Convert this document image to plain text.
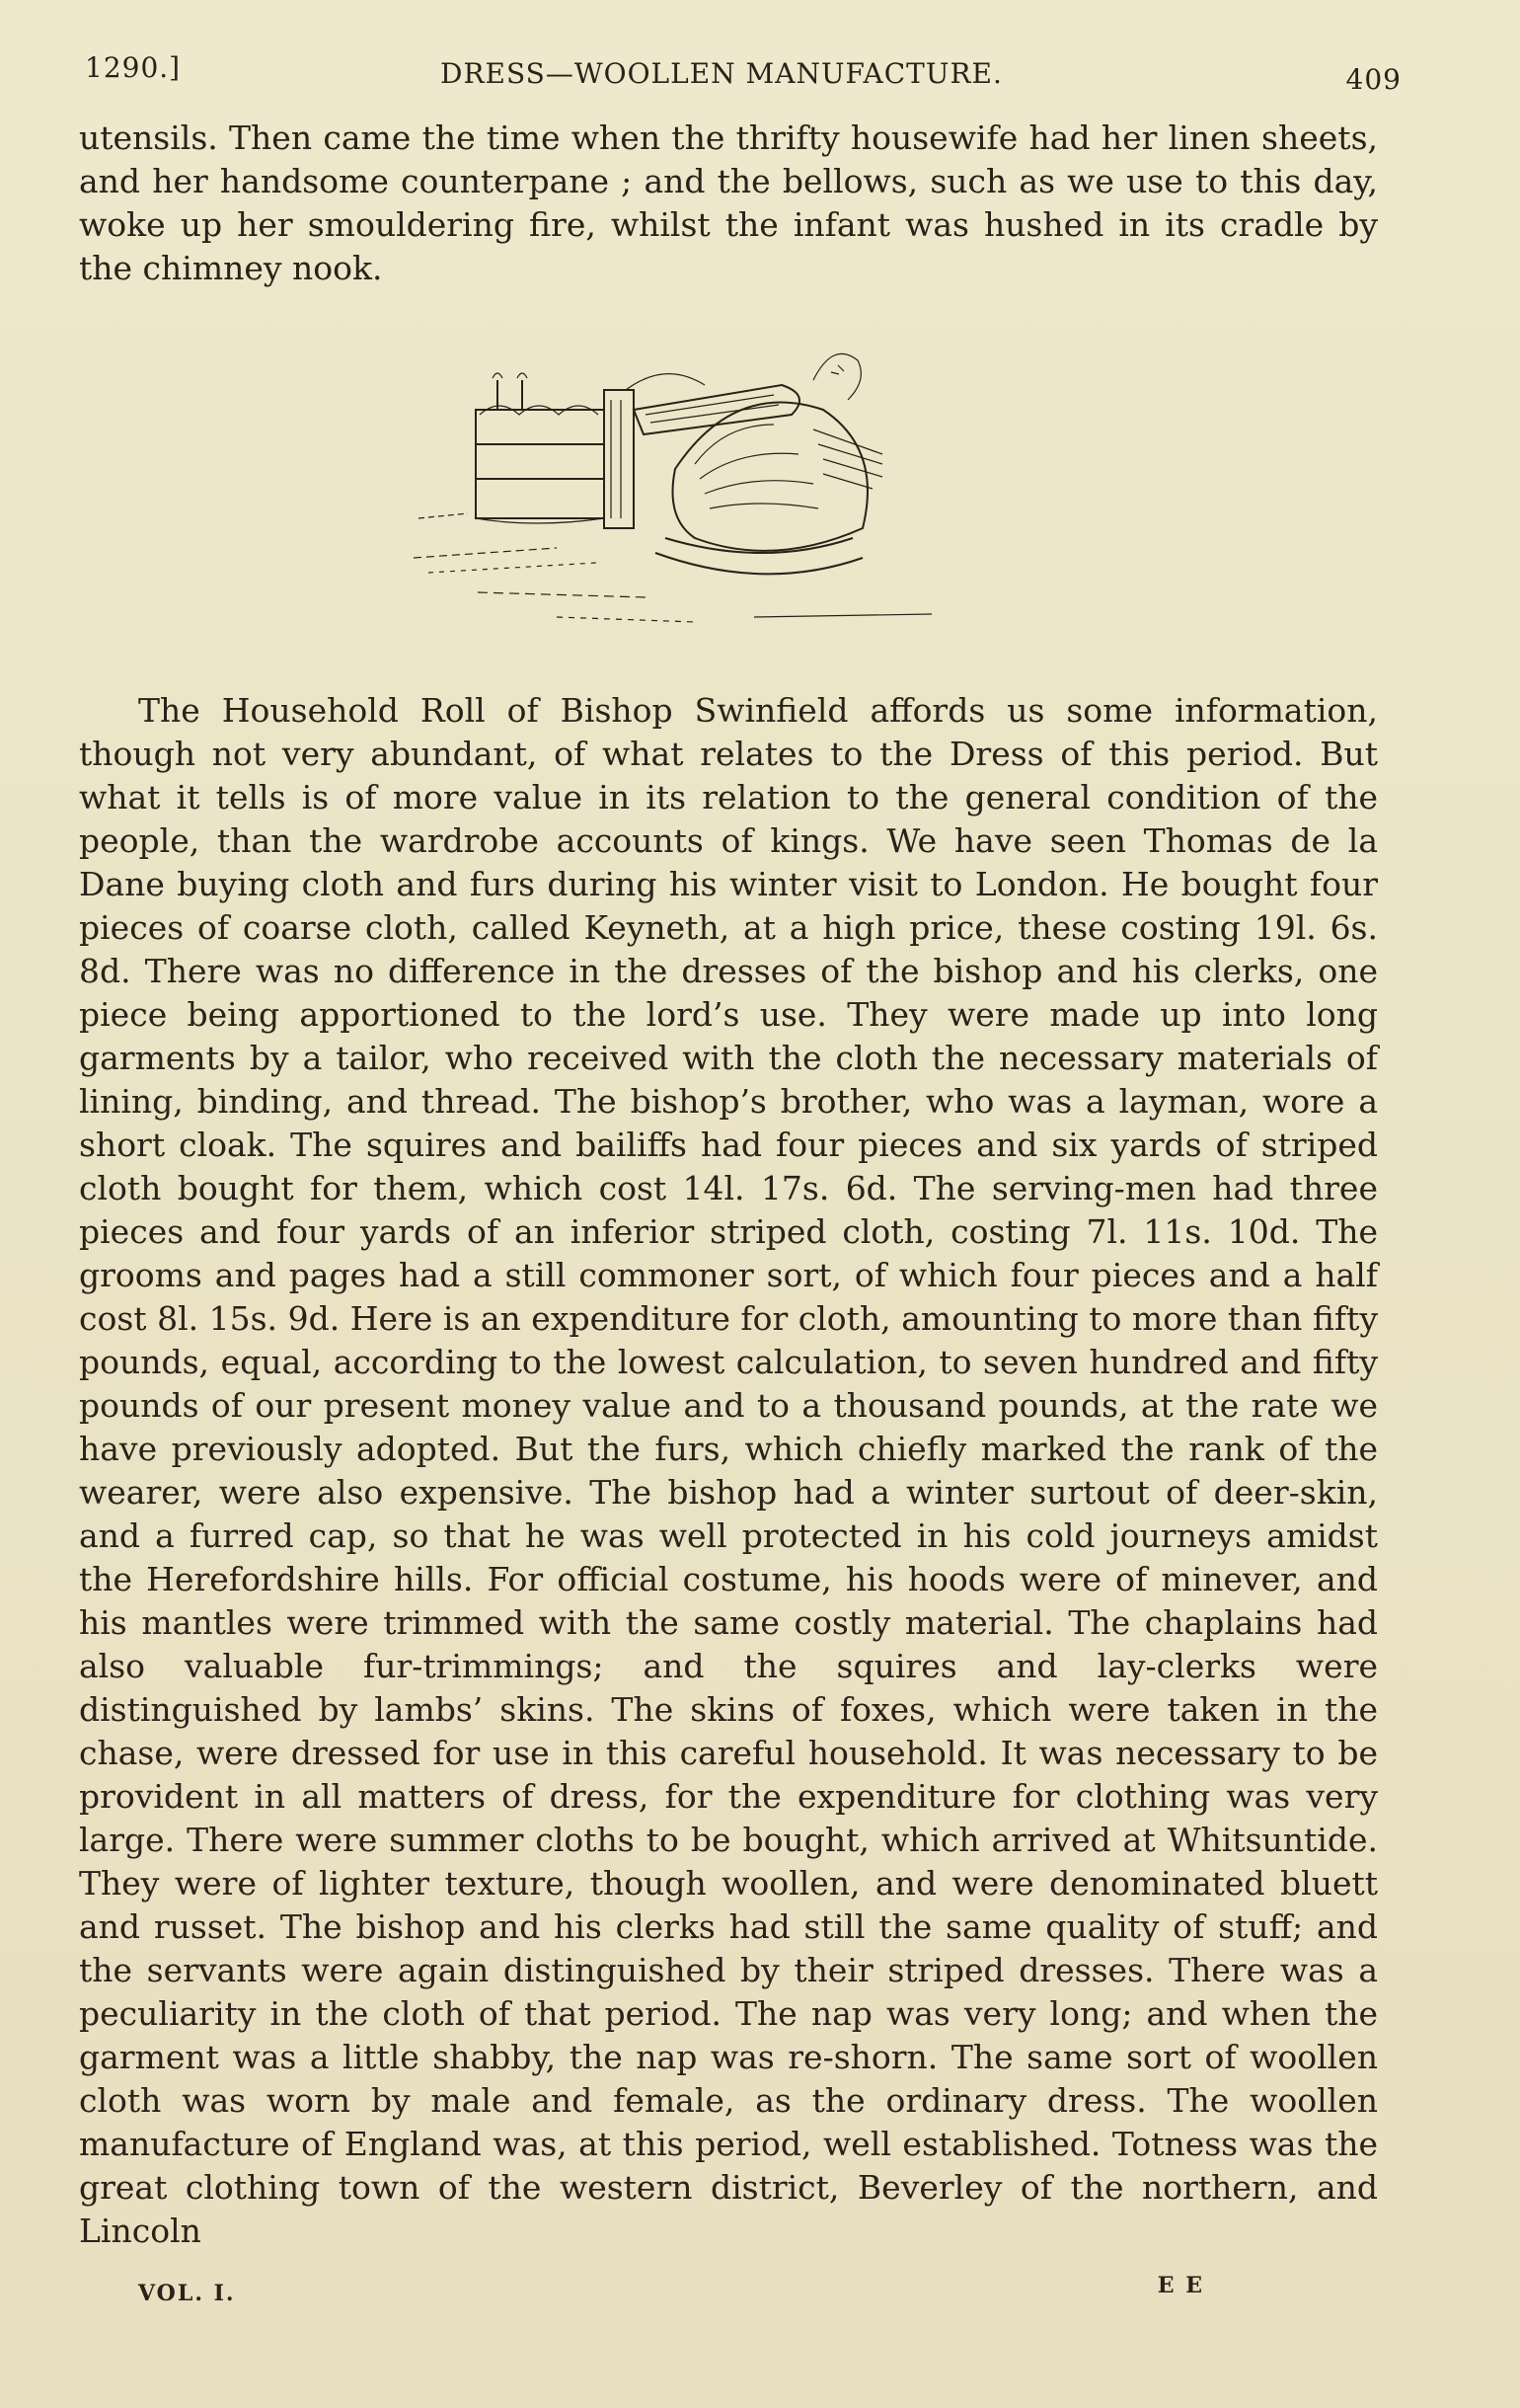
1290.]	DRESS—WOOLLEN MANUFACTURE.	409

utensils. Then came the time when the thrifty housewife had her linen sheets, and her handsome counterpane ; and the bellows, such as we use to this day, woke up her smouldering fire, whilst the infant was hushed in its cradle by the chimney nook.

The Household Roll of Bishop Swinfield affords us some information, though not very abundant, of what relates to the Dress of this period. But what it tells is of more value in its relation to the general condition of the people, than the wardrobe accounts of kings. We have seen Thomas de la Dane buying cloth and furs during his winter visit to London. He bought four pieces of coarse cloth, called Keyneth, at a high price, these costing 19l. 6s. 8d. There was no difference in the dresses of the bishop and his clerks, one piece being apportioned to the lord’s use. They were made up into long garments by a tailor, who received with the cloth the necessary materials of lining, binding, and thread. The bishop’s brother, who was a layman, wore a short cloak. The squires and bailiffs had four pieces and six yards of striped cloth bought for them, which cost 14l. 17s. 6d. The serving-men had three pieces and four yards of an inferior striped cloth, costing 7l. 11s. 10d. The grooms and pages had a still commoner sort, of which four pieces and a half cost 8l. 15s. 9d. Here is an expenditure for cloth, amounting to more than fifty pounds, equal, according to the lowest calculation, to seven hundred and fifty pounds of our present money value and to a thousand pounds, at the rate we have previously adopted. But the furs, which chiefly marked the rank of the wearer, were also expensive. The bishop had a winter surtout of deer-skin, and a furred cap, so that he was well protected in his cold journeys amidst the Herefordshire hills. For official costume, his hoods were of minever, and his mantles were trimmed with the same costly material. The chaplains had also valuable fur-trimmings; and the squires and lay-clerks were distinguished by lambs’ skins. The skins of foxes, which were taken in the chase, were dressed for use in this careful household. It was necessary to be provident in all matters of dress, for the expenditure for clothing was very large. There were summer cloths to be bought, which arrived at Whitsuntide. They were of lighter texture, though woollen, and were denominated bluett and russet. The bishop and his clerks had still the same quality of stuff; and the servants were again distinguished by their striped dresses. There was a peculiarity in the cloth of that period. The nap was very long; and when the garment was a little shabby, the nap was re-shorn. The same sort of woollen cloth was worn by male and female, as the ordinary dress. The woollen manufacture of England was, at this period, well established. Totness was the great clothing town of the western district, Beverley of the northern, and Lincoln

VOL. I.	E E
